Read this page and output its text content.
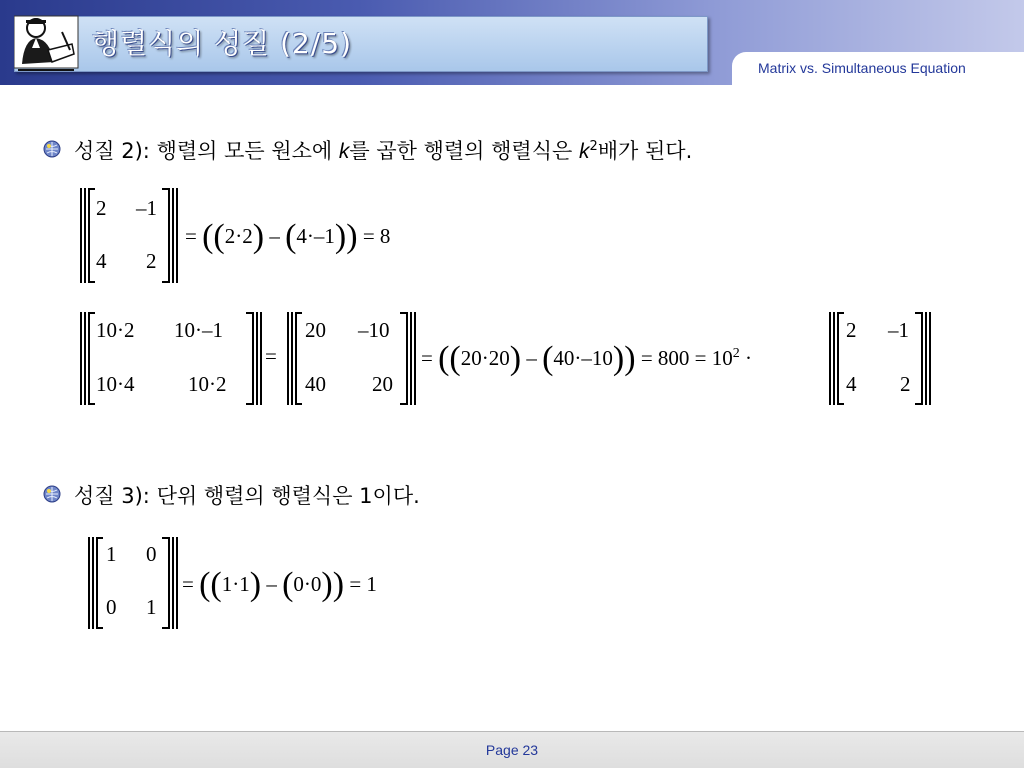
행렬식의 성질 (2/5)
Matrix vs. Simultaneous Equation
성질 2): 행렬의 모든 원소에 k를 곱한 행렬의 행렬식은 $k^2$배가 된다.
2 –1
4 2
= ((2·2) – (4·–1)) = 8
10·2 10·–1
10·4	10·2
=
20 –10
40 20
= $((20\cdot 20) - (40\cdot-10)) = 800 = 10^2$ ·
2 –1
4 2
성질 3): 단위 행렬의 행렬식은 1이다.
1 0
0 1
= ((1·1) – (0·0)) = 1
Page 23
